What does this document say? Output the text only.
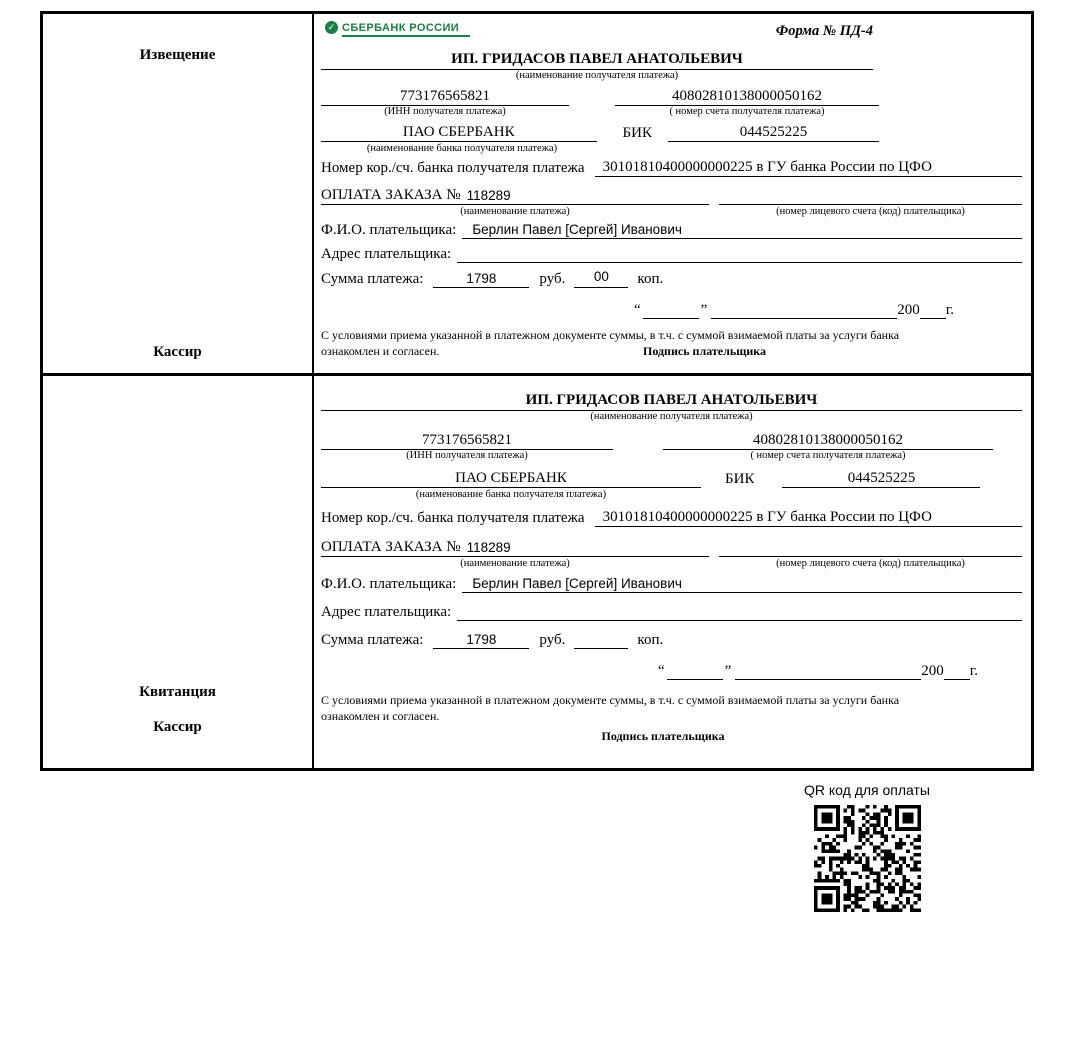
Извещение
Кассир
✓ СБЕРБАНК РОССИИ	Форма № ПД-4
ИП. ГРИДАСОВ ПАВЕЛ АНАТОЛЬЕВИЧ
(наименование получателя платежа)
773176565821	40802810138000050162
(ИНН получателя платежа)	( номер счета получателя платежа)
ПАО СБЕРБАНК	БИК	044525225
(наименование банка получателя платежа)
Номер кор./сч. банка получателя платежа	30101810400000000225 в ГУ банка России по ЦФО
ОПЛАТА ЗАКАЗА № 118289
(наименование платежа)	(номер лицевого счета (код) плательщика)
Ф.И.О. плательщика:	Берлин Павел [Сергей] Иванович
Адрес плательщика:
Сумма платежа:	1798	руб.	00	коп.
“	”	200 г.
С условиями приема указанной в платежном документе суммы, в т.ч. с суммой взимаемой платы за услуги банка ознакомлен и согласен.	Подпись плательщика
Квитанция
Кассир
ИП. ГРИДАСОВ ПАВЕЛ АНАТОЛЬЕВИЧ
(наименование получателя платежа)
773176565821	40802810138000050162
(ИНН получателя платежа)	( номер счета получателя платежа)
ПАО СБЕРБАНК	БИК	044525225
(наименование банка получателя платежа)
Номер кор./сч. банка получателя платежа	30101810400000000225 в ГУ банка России по ЦФО
ОПЛАТА ЗАКАЗА № 118289
(наименование платежа)	(номер лицевого счета (код) плательщика)
Ф.И.О. плательщика:	Берлин Павел [Сергей] Иванович
Адрес плательщика:
Сумма платежа:	1798	руб.	коп.
“	”	200 г.
С условиями приема указанной в платежном документе суммы, в т.ч. с суммой взимаемой платы за услуги банка ознакомлен и согласен.
Подпись плательщика
QR код для оплаты
